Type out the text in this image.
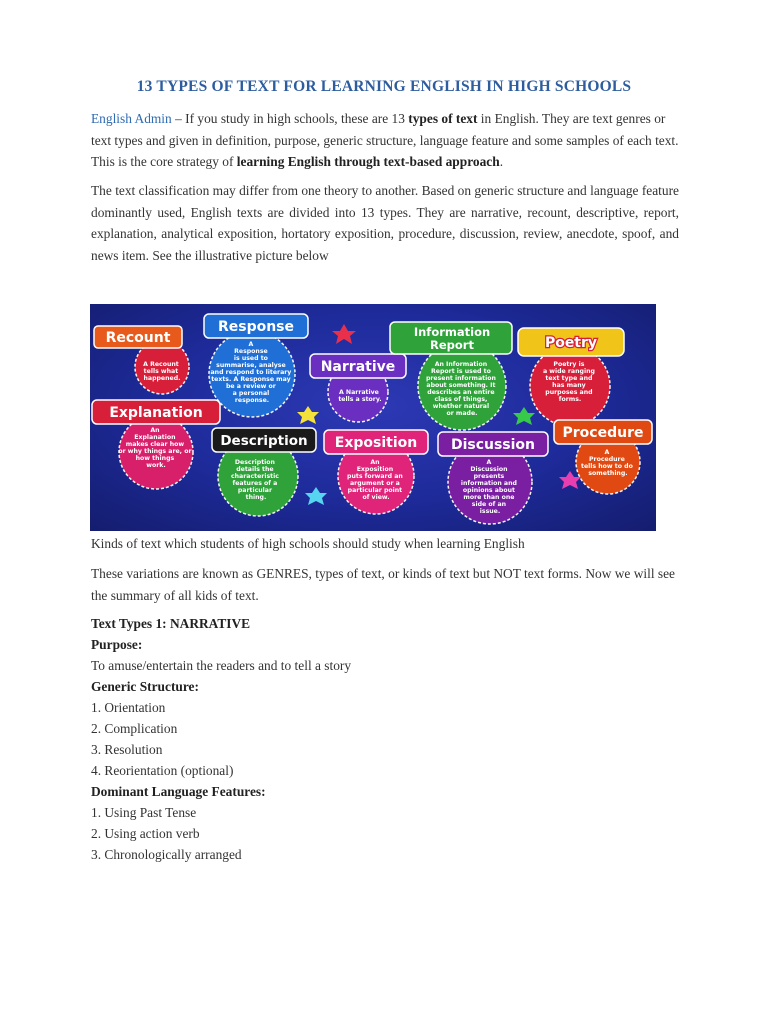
13 TYPES OF TEXT FOR LEARNING ENGLISH IN HIGH SCHOOLS

English Admin – If you study in high schools, these are 13 types of text in English. They are text genres or text types and given in definition, purpose, generic structure, language feature and some samples of each text. This is the core strategy of learning English through text-based approach.

The text classification may differ from one theory to another. Based on generic structure and language feature dominantly used, English texts are divided into 13 types. They are narrative, recount, descriptive, report, explanation, analytical exposition, hortatory exposition, procedure, discussion, review, anecdote, spoof, and news item. See the illustrative picture below

Recount
A Recount tells what happened.
Response
A Response is used to summarise, analyse and respond to literary texts. A Response may be a review or a personal response.
Narrative
A Narrative tells a story.
Information
Report
An Information Report is used to present information about something. It describes an entire class of things, whether natural or made.
Poetry
Poetry is a wide ranging text type and has many purposes and forms.
Explanation
An Explanation makes clear how or why things are, or how things work.
Description
Description details the characteristic features of a particular thing.
Exposition
An Exposition puts forward an argument or a particular point of view.
Discussion
A Discussion presents information and opinions about more than one side of an issue.
Procedure
A Procedure tells how to do something.
Kinds of text which students of high schools should study when learning English

These variations are known as GENRES, types of text, or kinds of text but NOT text forms. Now we will see the summary of all kids of text.

Text Types 1: NARRATIVE
Purpose:
To amuse/entertain the readers and to tell a story
Generic Structure:
1. Orientation
2. Complication
3. Resolution
4. Reorientation (optional)
Dominant Language Features:
1. Using Past Tense
2. Using action verb
3. Chronologically arranged
